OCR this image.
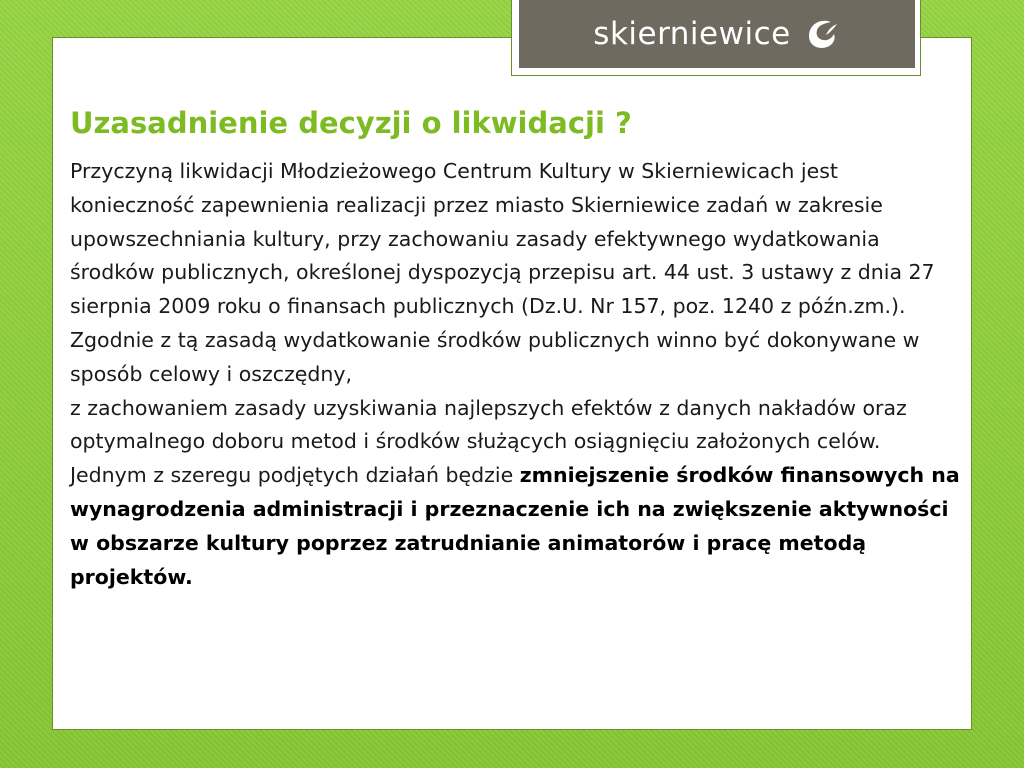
skierniewice
Uzasadnienie decyzji o likwidacji ?

Przyczyną likwidacji Młodzieżowego Centrum Kultury w Skierniewicach jest konieczność zapewnienia realizacji przez miasto Skierniewice zadań w zakresie upowszechniania kultury, przy zachowaniu zasady efektywnego wydatkowania środków publicznych, określonej dyspozycją przepisu art. 44 ust. 3 ustawy z dnia 27 sierpnia 2009 roku o finansach publicznych (Dz.U. Nr 157, poz. 1240 z późn.zm.). Zgodnie z tą zasadą wydatkowanie środków publicznych winno być dokonywane w sposób celowy i oszczędny,
z zachowaniem zasady uzyskiwania najlepszych efektów z danych nakładów oraz optymalnego doboru metod i środków służących osiągnięciu założonych celów. Jednym z szeregu podjętych działań będzie zmniejszenie środków finansowych na wynagrodzenia administracji i przeznaczenie ich na zwiększenie aktywności w obszarze kultury poprzez zatrudnianie animatorów i pracę metodą projektów.
